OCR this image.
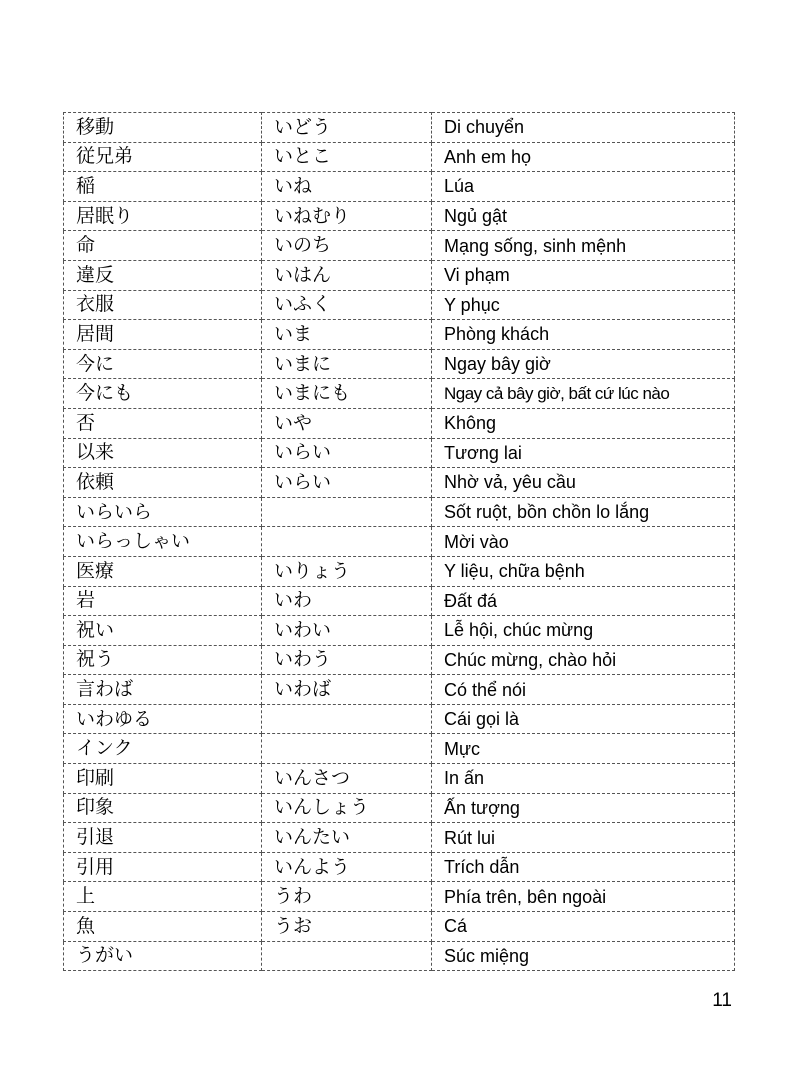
移動	いどう	Di chuyển
従兄弟	いとこ	Anh em họ
稲	いね	Lúa
居眠り	いねむり	Ngủ gật
命	いのち	Mạng sống, sinh mệnh
違反	いはん	Vi phạm
衣服	いふく	Y phục
居間	いま	Phòng khách
今に	いまに	Ngay bây giờ
今にも	いまにも	Ngay cả bây giờ, bất cứ lúc nào
否	いや	Không
以来	いらい	Tương lai
依頼	いらい	Nhờ vả, yêu cầu
いらいら		Sốt ruột, bồn chồn lo lắng
いらっしゃい		Mời vào
医療	いりょう	Y liệu, chữa bệnh
岩	いわ	Đất đá
祝い	いわい	Lễ hội, chúc mừng
祝う	いわう	Chúc mừng, chào hỏi
言わば	いわば	Có thể nói
いわゆる		Cái gọi là
インク		Mực
印刷	いんさつ	In ấn
印象	いんしょう	Ấn tượng
引退	いんたい	Rút lui
引用	いんよう	Trích dẫn
上	うわ	Phía trên, bên ngoài
魚	うお	Cá
うがい		Súc miệng
11
